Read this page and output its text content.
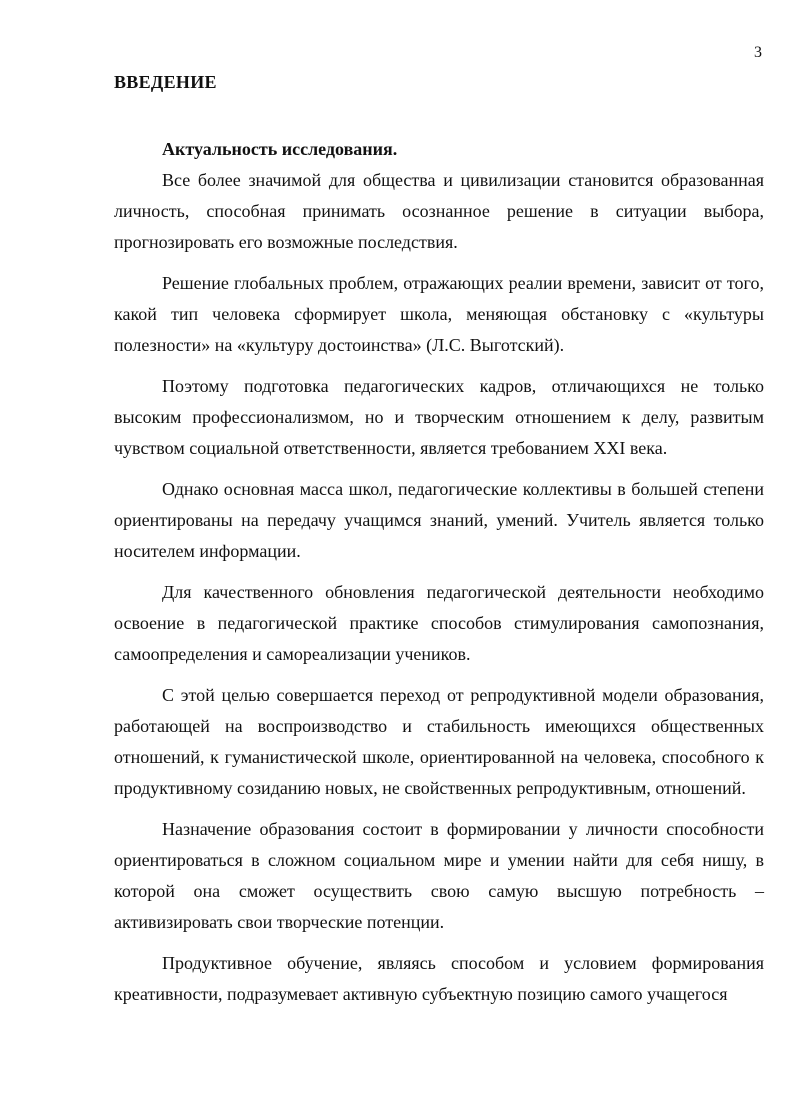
3
ВВЕДЕНИЕ

Актуальность исследования.

Все более значимой для общества и цивилизации становится образованная личность, способная принимать осознанное решение в ситуации выбора, прогнозировать его возможные последствия.

Решение глобальных проблем, отражающих реалии времени, зависит от того, какой тип человека сформирует школа, меняющая обстановку с «культуры полезности» на «культуру достоинства» (Л.С. Выготский).

Поэтому подготовка педагогических кадров, отличающихся не только высоким профессионализмом, но и творческим отношением к делу, развитым чувством социальной ответственности, является требованием XXI века.

Однако основная масса школ, педагогические коллективы в большей степени ориентированы на передачу учащимся знаний, умений. Учитель является только носителем информации.

Для качественного обновления педагогической деятельности необходимо освоение в педагогической практике способов стимулирования самопознания, самоопределения и самореализации учеников.

С этой целью совершается переход от репродуктивной модели образования, работающей на воспроизводство и стабильность имеющихся общественных отношений, к гуманистической школе, ориентированной на человека, способного к продуктивному созиданию новых, не свойственных репродуктивным, отношений.

Назначение образования состоит в формировании у личности способности ориентироваться в сложном социальном мире и умении найти для себя нишу, в которой она сможет осуществить свою самую высшую потребность – активизировать свои творческие потенции.

Продуктивное обучение, являясь способом и условием формирования креативности, подразумевает активную субъектную позицию самого учащегося
